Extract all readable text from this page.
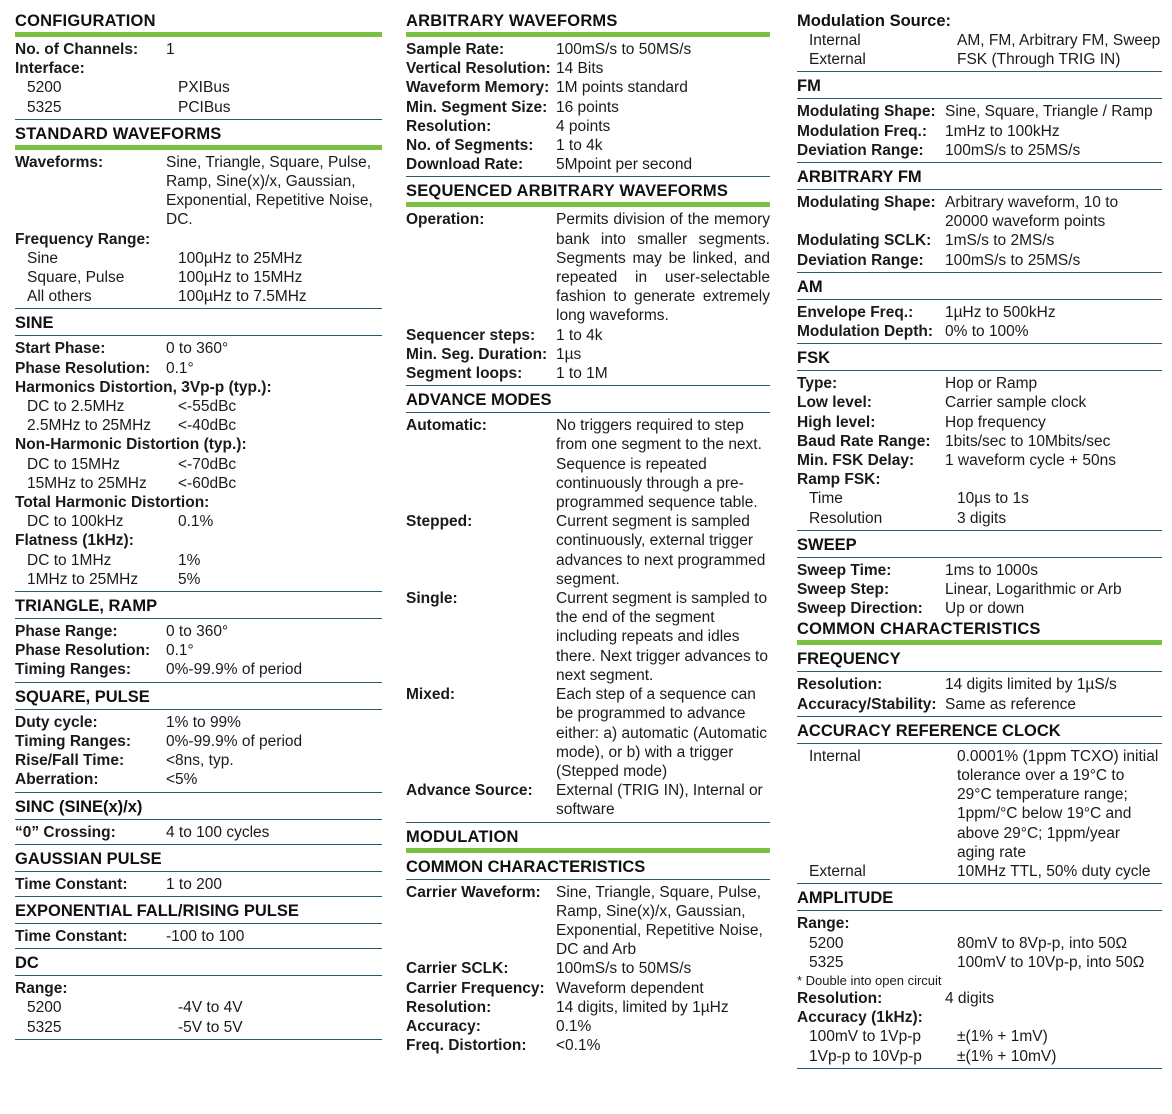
CONFIGURATION
No. of Channels:	1
Interface:
5200	PXIBus
5325	PCIBus
STANDARD WAVEFORMS
Waveforms:	Sine, Triangle, Square, Pulse, Ramp, Sine(x)/x, Gaussian, Exponential, Repetitive Noise, DC.
Frequency Range:
Sine	100µHz to 25MHz
Square, Pulse	100µHz to 15MHz
All others	100µHz to 7.5MHz
SINE
Start Phase:	0 to 360°
Phase Resolution:	0.1°
Harmonics Distortion, 3Vp-p (typ.):
DC to 2.5MHz	<-55dBc
2.5MHz to 25MHz	<-40dBc
Non-Harmonic Distortion (typ.):
DC to 15MHz	<-70dBc
15MHz to 25MHz	<-60dBc
Total Harmonic Distortion:
DC to 100kHz	0.1%
Flatness (1kHz):
DC to 1MHz	1%
1MHz to 25MHz	5%
TRIANGLE, RAMP
Phase Range:	0 to 360°
Phase Resolution:	0.1°
Timing Ranges:	0%-99.9% of period
SQUARE, PULSE
Duty cycle:	1% to 99%
Timing Ranges:	0%-99.9% of period
Rise/Fall Time:	<8ns, typ.
Aberration:	<5%
SINC (SINE(x)/x)
“0” Crossing:	4 to 100 cycles
GAUSSIAN PULSE
Time Constant:	1 to 200
EXPONENTIAL FALL/RISING PULSE
Time Constant:	-100 to 100
DC
Range:
5200	-4V to 4V
5325	-5V to 5V
ARBITRARY WAVEFORMS
Sample Rate:	100mS/s to 50MS/s
Vertical Resolution: 14 Bits
Waveform Memory: 1M points standard
Min. Segment Size: 16 points
Resolution:	4 points
No. of Segments:	1 to 4k
Download Rate:	5Mpoint per second
SEQUENCED ARBITRARY WAVEFORMS
Operation:	Permits division of the memory bank into smaller segments. Segments may be linked, and repeated in user-selectable fashion to generate extremely long waveforms.
Sequencer steps:	1 to 4k
Min. Seg. Duration: 1µs
Segment loops:	1 to 1M
ADVANCE MODES
Automatic:	No triggers required to step from one segment to the next. Sequence is repeated continuously through a pre-programmed sequence table.
Stepped:	Current segment is sampled continuously, external trigger advances to next programmed segment.
Single:	Current segment is sampled to the end of the segment including repeats and idles there. Next trigger advances to next segment.
Mixed:	Each step of a sequence can be programmed to advance either: a) automatic (Automatic mode), or b) with a trigger (Stepped mode)
Advance Source:	External (TRIG IN), Internal or software
MODULATION
COMMON CHARACTERISTICS
Carrier Waveform: Sine, Triangle, Square, Pulse, Ramp, Sine(x)/x, Gaussian, Exponential, Repetitive Noise, DC and Arb
Carrier SCLK:	100mS/s to 50MS/s
Carrier Frequency: Waveform dependent
Resolution:	14 digits, limited by 1µHz
Accuracy:	0.1%
Freq. Distortion:	<0.1%
Modulation Source:
Internal	AM, FM, Arbitrary FM, Sweep
External	FSK (Through TRIG IN)
FM
Modulating Shape: Sine, Square, Triangle / Ramp
Modulation Freq.:	1mHz to 100kHz
Deviation Range:	100mS/s to 25MS/s
ARBITRARY FM
Modulating Shape: Arbitrary waveform, 10 to 20000 waveform points
Modulating SCLK: 1mS/s to 2MS/s
Deviation Range:	100mS/s to 25MS/s
AM
Envelope Freq.:	1µHz to 500kHz
Modulation Depth: 0% to 100%
FSK
Type:	Hop or Ramp
Low level:	Carrier sample clock
High level:	Hop frequency
Baud Rate Range: 1bits/sec to 10Mbits/sec
Min. FSK Delay:	1 waveform cycle + 50ns
Ramp FSK:
Time	10µs to 1s
Resolution	3 digits
SWEEP
Sweep Time:	1ms to 1000s
Sweep Step:	Linear, Logarithmic or Arb
Sweep Direction:	Up or down
COMMON CHARACTERISTICS
FREQUENCY
Resolution:	14 digits limited by 1µS/s
Accuracy/Stability: Same as reference
ACCURACY REFERENCE CLOCK
Internal	0.0001% (1ppm TCXO) initial tolerance over a 19°C to 29°C temperature range; 1ppm/°C below 19°C and above 29°C; 1ppm/year aging rate
External	10MHz TTL, 50% duty cycle
AMPLITUDE
Range:
5200	80mV to 8Vp-p, into 50Ω
5325	100mV to 10Vp-p, into 50Ω
* Double into open circuit
Resolution:	4 digits
Accuracy (1kHz):
100mV to 1Vp-p	±(1% + 1mV)
1Vp-p to 10Vp-p	±(1% + 10mV)
